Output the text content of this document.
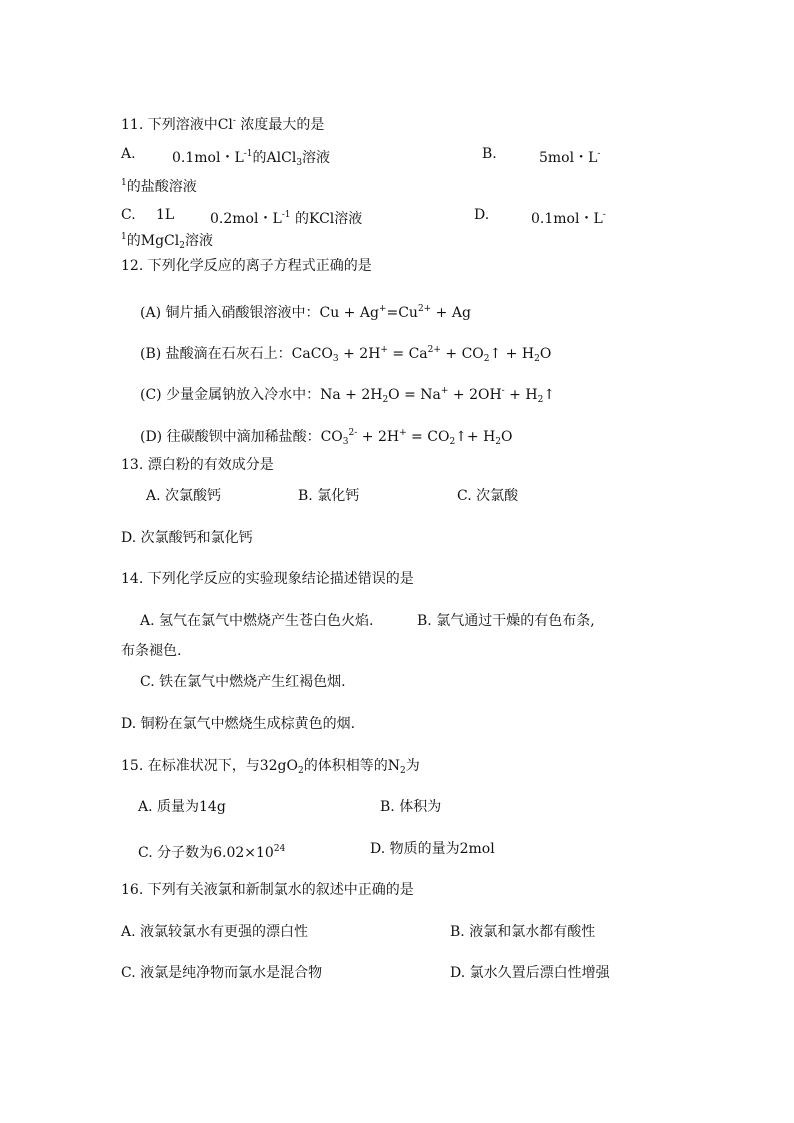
11. 下列溶液中Cl- 浓度最大的是
A.	0.1mol・$L^{-1}$的AlCl$_3$溶液	B.	5mol・L-
$^1$的盐酸溶液
C. 1L	0.2mol・$L^{-1}$ 的KCl溶液	D.	0.1mol・L-
$^1$的MgCl$_2$溶液
12. 下列化学反应的离子方程式正确的是
(A) 铜片插入硝酸银溶液中：$Cu + Ag^+=Cu^{2+} + Ag$
(B) 盐酸滴在石灰石上：CaCO$_3$ + $2H^+ = Ca^{2+}$ + $CO_2↑ + H_2O$
(C) 少量金属钠放入冷水中：$Na + 2H_2O = Na^+ + 2OH^-$ + $H_2↑$
(D) 往碳酸钡中滴加稀盐酸：$CO_3^{2-} + 2H^+$ = $CO_2↑+ H_2O$
13. 漂白粉的有效成分是
A. 次氯酸钙	B. 氯化钙	C. 次氯酸
D. 次氯酸钙和氯化钙
14. 下列化学反应的实验现象结论描述错误的是
A. 氢气在氯气中燃烧产生苍白色火焰.	B. 氯气通过干燥的有色布条,
布条褪色.
C. 铁在氯气中燃烧产生红褐色烟.
D. 铜粉在氯气中燃烧生成棕黄色的烟.
15. 在标准状况下，与$32gO_2$的体积相等的$N_2$为
A. 质量为14g	B. 体积为
C. 分子数为$6.02\times 10^{24}$	D. 物质的量为2mol
16. 下列有关液氯和新制氯水的叙述中正确的是
A. 液氯较氯水有更强的漂白性	B. 液氯和氯水都有酸性
C. 液氯是纯净物而氯水是混合物	D. 氯水久置后漂白性增强
